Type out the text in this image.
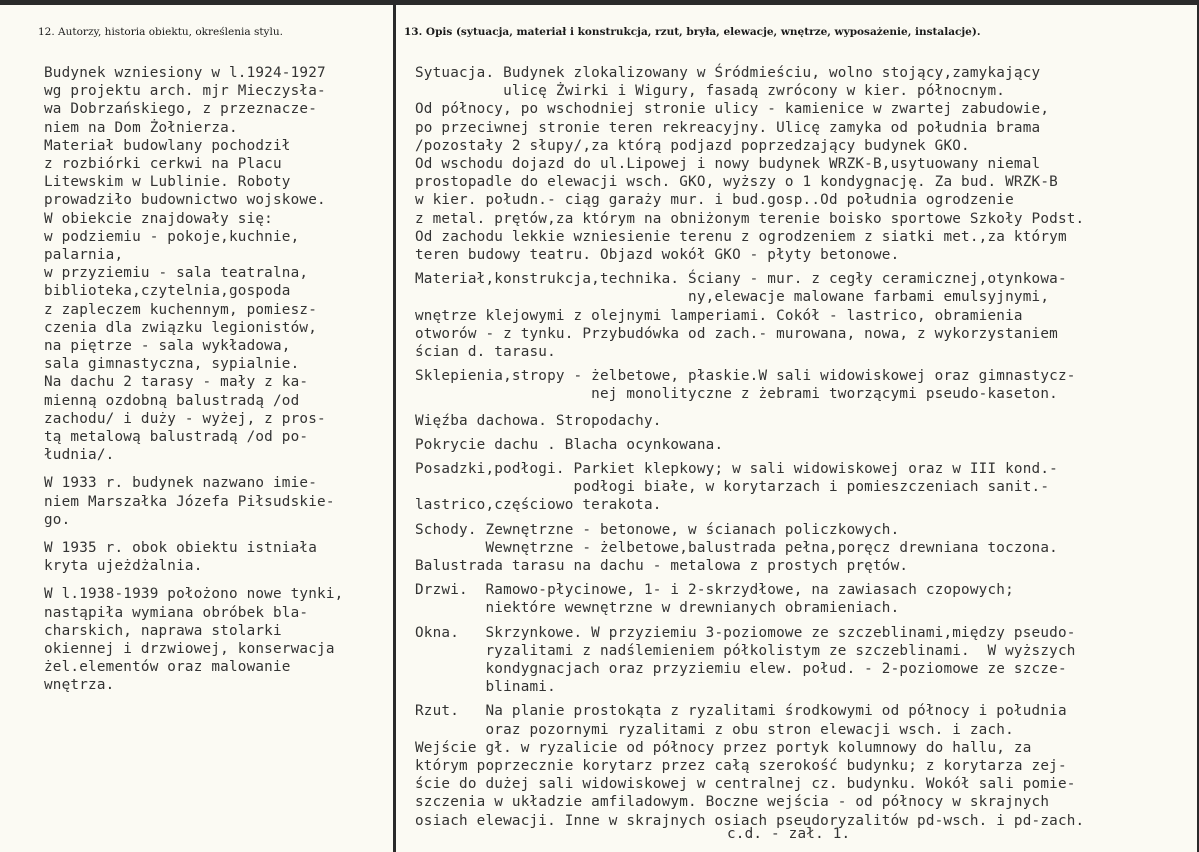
12. Autorzy, historia obiektu, określenia stylu.	13. Opis (sytuacja, materiał i konstrukcja, rzut, bryła, elewacje, wnętrze, wyposażenie, instalacje).
Budynek wzniesiony w l.1924-1927
wg projektu arch. mjr Mieczysła-
wa Dobrzańskiego, z przeznacze-
niem na Dom Żołnierza.
Materiał budowlany pochodził
z rozbiórki cerkwi na Placu
Litewskim w Lublinie. Roboty
prowadziło budownictwo wojskowe.
W obiekcie znajdowały się:
w podziemiu - pokoje,kuchnie,
palarnia,
w przyziemiu - sala teatralna,
biblioteka,czytelnia,gospoda
z zapleczem kuchennym, pomiesz-
czenia dla związku legionistów,
na piętrze - sala wykładowa,
sala gimnastyczna, sypialnie.
Na dachu 2 tarasy - mały z ka-
mienną ozdobną balustradą /od
zachodu/ i duży - wyżej, z pros-
tą metalową balustradą /od po-
łudnia/.
W 1933 r. budynek nazwano imie-
niem Marszałka Józefa Piłsudskie-
go.
W 1935 r. obok obiektu istniała
kryta ujeżdżalnia.
W l.1938-1939 położono nowe tynki,
nastąpiła wymiana obróbek bla-
charskich, naprawa stolarki
okiennej i drzwiowej, konserwacja
żel.elementów oraz malowanie
wnętrza.
Sytuacja. Budynek zlokalizowany w Śródmieściu, wolno stojący,zamykający
ulicę Żwirki i Wigury, fasadą zwrócony w kier. północnym.
Od północy, po wschodniej stronie ulicy - kamienice w zwartej zabudowie,
po przeciwnej stronie teren rekreacyjny. Ulicę zamyka od południa brama
/pozostały 2 słupy/,za którą podjazd poprzedzający budynek GKO.
Od wschodu dojazd do ul.Lipowej i nowy budynek WRZK-B,usytuowany niemal
prostopadle do elewacji wsch. GKO, wyższy o 1 kondygnację. Za bud. WRZK-B
w kier. połudn.- ciąg garaży mur. i bud.gosp..Od południa ogrodzenie
z metal. prętów,za którym na obniżonym terenie boisko sportowe Szkoły Podst.
Od zachodu lekkie wzniesienie terenu z ogrodzeniem z siatki met.,za którym
teren budowy teatru. Objazd wokół GKO - płyty betonowe.
Materiał,konstrukcja,technika. Ściany - mur. z cegły ceramicznej,otynkowa-
ny,elewacje malowane farbami emulsyjnymi,
wnętrze klejowymi z olejnymi lamperiami. Cokół - lastrico, obramienia
otworów - z tynku. Przybudówka od zach.- murowana, nowa, z wykorzystaniem
ścian d. tarasu.
Sklepienia,stropy - żelbetowe, płaskie.W sali widowiskowej oraz gimnastycz-
nej monolityczne z żebrami tworzącymi pseudo-kaseton.
Więźba dachowa. Stropodachy.
Pokrycie dachu . Blacha ocynkowana.
Posadzki,podłogi. Parkiet klepkowy; w sali widowiskowej oraz w III kond.-
podłogi białe, w korytarzach i pomieszczeniach sanit.-
lastrico,częściowo terakota.
Schody. Zewnętrzne - betonowe, w ścianach policzkowych.
Wewnętrzne - żelbetowe,balustrada pełna,poręcz drewniana toczona.
Balustrada tarasu na dachu - metalowa z prostych prętów.
Drzwi.  Ramowo-płycinowe, 1- i 2-skrzydłowe, na zawiasach czopowych;
niektóre wewnętrzne w drewnianych obramieniach.
Okna.   Skrzynkowe. W przyziemiu 3-poziomowe ze szczeblinami,między pseudo-
ryzalitami z nadślemieniem półkolistym ze szczeblinami.  W wyższych
kondygnacjach oraz przyziemiu elew. połud. - 2-poziomowe ze szcze-
blinami.
Rzut.   Na planie prostokąta z ryzalitami środkowymi od północy i południa
oraz pozornymi ryzalitami z obu stron elewacji wsch. i zach.
Wejście gł. w ryzalicie od północy przez portyk kolumnowy do hallu, za
którym poprzecznie korytarz przez całą szerokość budynku; z korytarza zej-
ście do dużej sali widowiskowej w centralnej cz. budynku. Wokół sali pomie-
szczenia w układzie amfiladowym. Boczne wejścia - od północy w skrajnych
osiach elewacji. Inne w skrajnych osiach pseudoryzalitów pd-wsch. i pd-zach.
c.d. - zał. 1.
